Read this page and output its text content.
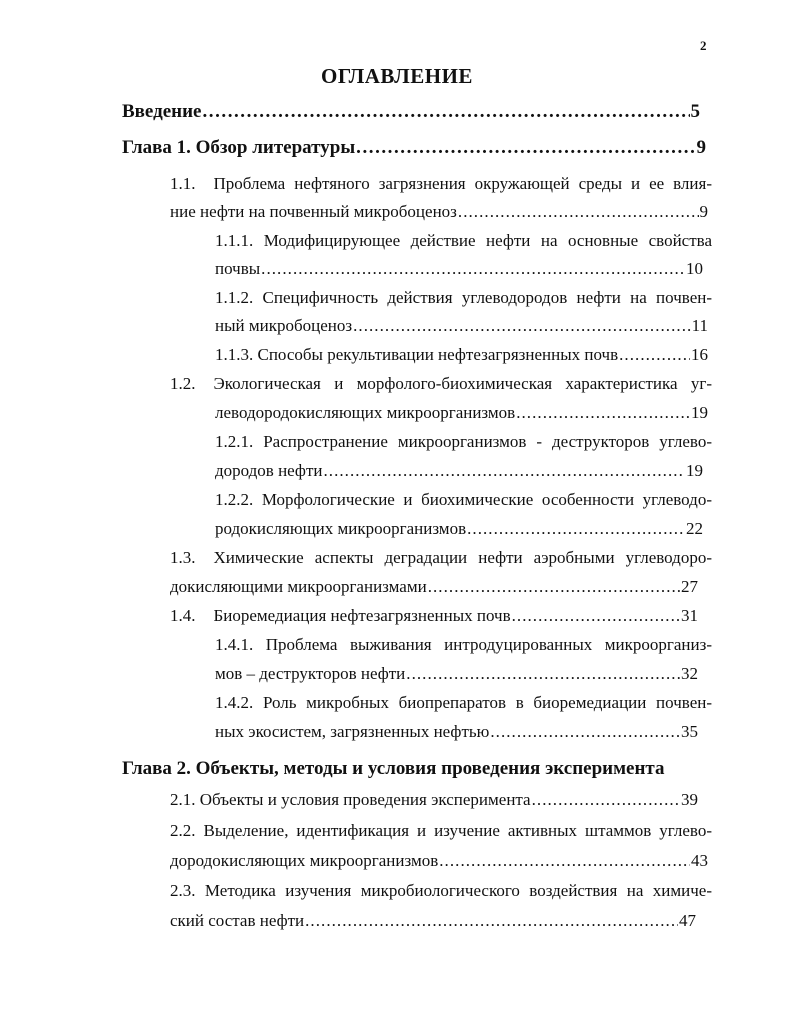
2
ОГЛАВЛЕНИЕ
Введение . . .	5
Глава 1. Обзор литературы . . .	9
1.1. Проблема нефтяного загрязнения окружающей среды и ее влия-
ние нефти на почвенный микробоценоз . . .	9
1.1.1. Модифицирующее действие нефти на основные свойства
почвы . . .	10
1.1.2. Специфичность действия углеводородов нефти на почвен-
ный микробоценоз . . .	11
1.1.3. Способы рекультивации нефтезагрязненных почв . . .	16
1.2. Экологическая и морфолого-биохимическая характеристика уг-
леводородокисляющих микроорганизмов . . .	19
1.2.1. Распространение микроорганизмов - деструкторов углево-
дородов нефти . . .	19
1.2.2. Морфологические и биохимические особенности углеводо-
родокисляющих микроорганизмов . . .	22
1.3. Химические аспекты деградации нефти аэробными углеводоро-
докисляющими микроорганизмами . . .	27
1.4. Биоремедиация нефтезагрязненных почв . . .	31
1.4.1. Проблема выживания интродуцированных микроорганиз-
мов – деструкторов нефти . . .	32
1.4.2. Роль микробных биопрепаратов в биоремедиации почвен-
ных экосистем, загрязненных нефтью . . .	35
Глава 2. Объекты, методы и условия проведения эксперимента
2.1. Объекты и условия проведения эксперимента . . .	39
2.2. Выделение, идентификация и изучение активных штаммов углево-
дородокисляющих микроорганизмов . . .	43
2.3. Методика изучения микробиологического воздействия на химиче-
ский состав нефти . . .	47
